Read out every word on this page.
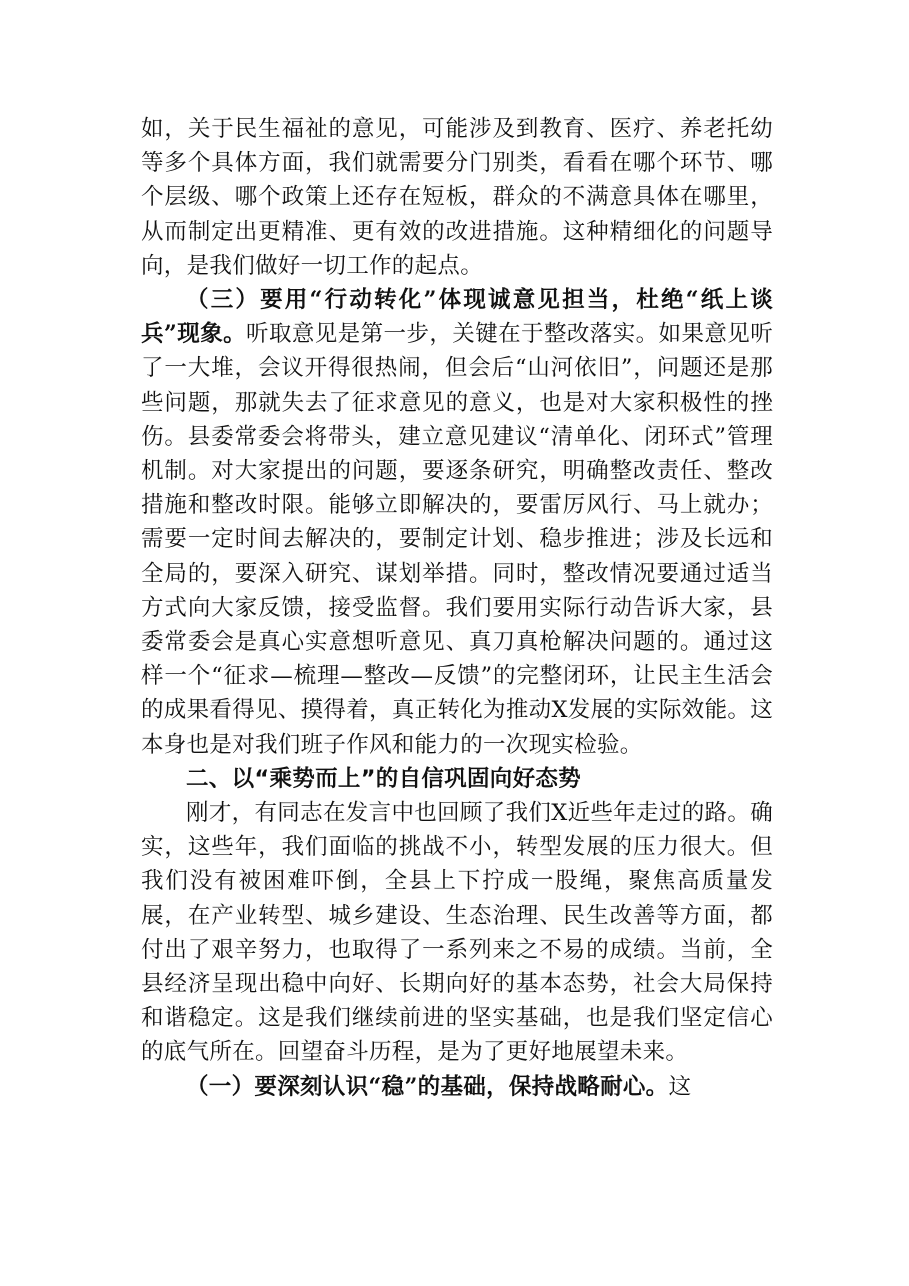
如，关于民生福祉的意见，可能涉及到教育、医疗、养老托幼等多个具体方面，我们就需要分门别类，看看在哪个环节、哪个层级、哪个政策上还存在短板，群众的不满意具体在哪里，从而制定出更精准、更有效的改进措施。这种精细化的问题导向，是我们做好一切工作的起点。

（三）要用“行动转化”体现诚意见担当，杜绝“纸上谈兵”现象。听取意见是第一步，关键在于整改落实。如果意见听了一大堆，会议开得很热闹，但会后“山河依旧”，问题还是那些问题，那就失去了征求意见的意义，也是对大家积极性的挫伤。县委常委会将带头，建立意见建议“清单化、闭环式”管理机制。对大家提出的问题，要逐条研究，明确整改责任、整改措施和整改时限。能够立即解决的，要雷厉风行、马上就办；需要一定时间去解决的，要制定计划、稳步推进；涉及长远和全局的，要深入研究、谋划举措。同时，整改情况要通过适当方式向大家反馈，接受监督。我们要用实际行动告诉大家，县委常委会是真心实意想听意见、真刀真枪解决问题的。通过这样一个“征求—梳理—整改—反馈”的完整闭环，让民主生活会的成果看得见、摸得着，真正转化为推动X发展的实际效能。这本身也是对我们班子作风和能力的一次现实检验。

二、以“乘势而上”的自信巩固向好态势

刚才，有同志在发言中也回顾了我们X近些年走过的路。确实，这些年，我们面临的挑战不小，转型发展的压力很大。但我们没有被困难吓倒，全县上下拧成一股绳，聚焦高质量发展，在产业转型、城乡建设、生态治理、民生改善等方面，都付出了艰辛努力，也取得了一系列来之不易的成绩。当前，全县经济呈现出稳中向好、长期向好的基本态势，社会大局保持和谐稳定。这是我们继续前进的坚实基础，也是我们坚定信心的底气所在。回望奋斗历程，是为了更好地展望未来。

（一）要深刻认识“稳”的基础，保持战略耐心。这
